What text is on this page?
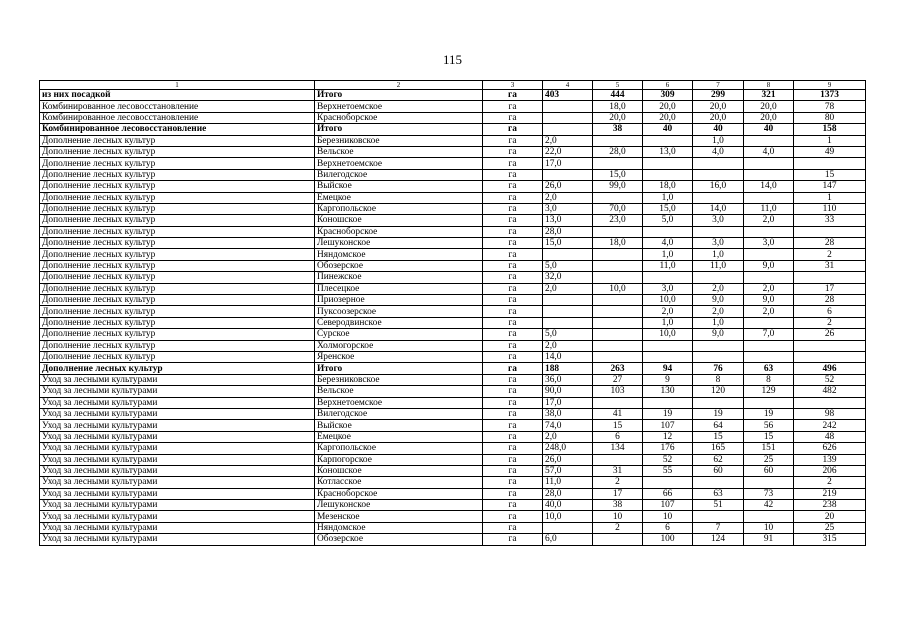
115
1	2	3	4	5	6	7	8	9
из них посадкой	Итого	га	403	444	309	299	321	1373
Комбинированное лесовосстановление	Верхнетоемское	га		18,0	20,0	20,0	20,0	78
Комбинированное лесовосстановление	Красноборское	га		20,0	20,0	20,0	20,0	80
Комбинированное лесовосстановление	Итого	га		38	40	40	40	158
Дополнение лесных культур	Березниковское	га	2,0			1,0		1
Дополнение лесных культур	Вельское	га	22,0	28,0	13,0	4,0	4,0	49
Дополнение лесных культур	Верхнетоемское	га	17,0					
Дополнение лесных культур	Вилегодское	га		15,0				15
Дополнение лесных культур	Выйское	га	26,0	99,0	18,0	16,0	14,0	147
Дополнение лесных культур	Емецкое	га	2,0		1,0			1
Дополнение лесных культур	Каргопольское	га	3,0	70,0	15,0	14,0	11,0	110
Дополнение лесных культур	Коношское	га	13,0	23,0	5,0	3,0	2,0	33
Дополнение лесных культур	Красноборское	га	28,0					
Дополнение лесных культур	Лешуконское	га	15,0	18,0	4,0	3,0	3,0	28
Дополнение лесных культур	Няндомское	га			1,0	1,0		2
Дополнение лесных культур	Обозерское	га	5,0		11,0	11,0	9,0	31
Дополнение лесных культур	Пинежское	га	32,0					
Дополнение лесных культур	Плесецкое	га	2,0	10,0	3,0	2,0	2,0	17
Дополнение лесных культур	Приозерное	га			10,0	9,0	9,0	28
Дополнение лесных культур	Пуксоозерское	га			2,0	2,0	2,0	6
Дополнение лесных культур	Северодвинское	га			1,0	1,0		2
Дополнение лесных культур	Сурское	га	5,0		10,0	9,0	7,0	26
Дополнение лесных культур	Холмогорское	га	2,0					
Дополнение лесных культур	Яренское	га	14,0					
Дополнение лесных культур	Итого	га	188	263	94	76	63	496
Уход за лесными культурами	Березниковское	га	36,0	27	9	8	8	52
Уход за лесными культурами	Вельское	га	90,0	103	130	120	129	482
Уход за лесными культурами	Верхнетоемское	га	17,0					
Уход за лесными культурами	Вилегодское	га	38,0	41	19	19	19	98
Уход за лесными культурами	Выйское	га	74,0	15	107	64	56	242
Уход за лесными культурами	Емецкое	га	2,0	6	12	15	15	48
Уход за лесными культурами	Каргопольское	га	248,0	134	176	165	151	626
Уход за лесными культурами	Карпогорское	га	26,0		52	62	25	139
Уход за лесными культурами	Коношское	га	57,0	31	55	60	60	206
Уход за лесными культурами	Котласское	га	11,0	2				2
Уход за лесными культурами	Красноборское	га	28,0	17	66	63	73	219
Уход за лесными культурами	Лешуконское	га	40,0	38	107	51	42	238
Уход за лесными культурами	Мезенское	га	10,0	10	10			20
Уход за лесными культурами	Няндомское	га		2	6	7	10	25
Уход за лесными культурами	Обозерское	га	6,0		100	124	91	315
